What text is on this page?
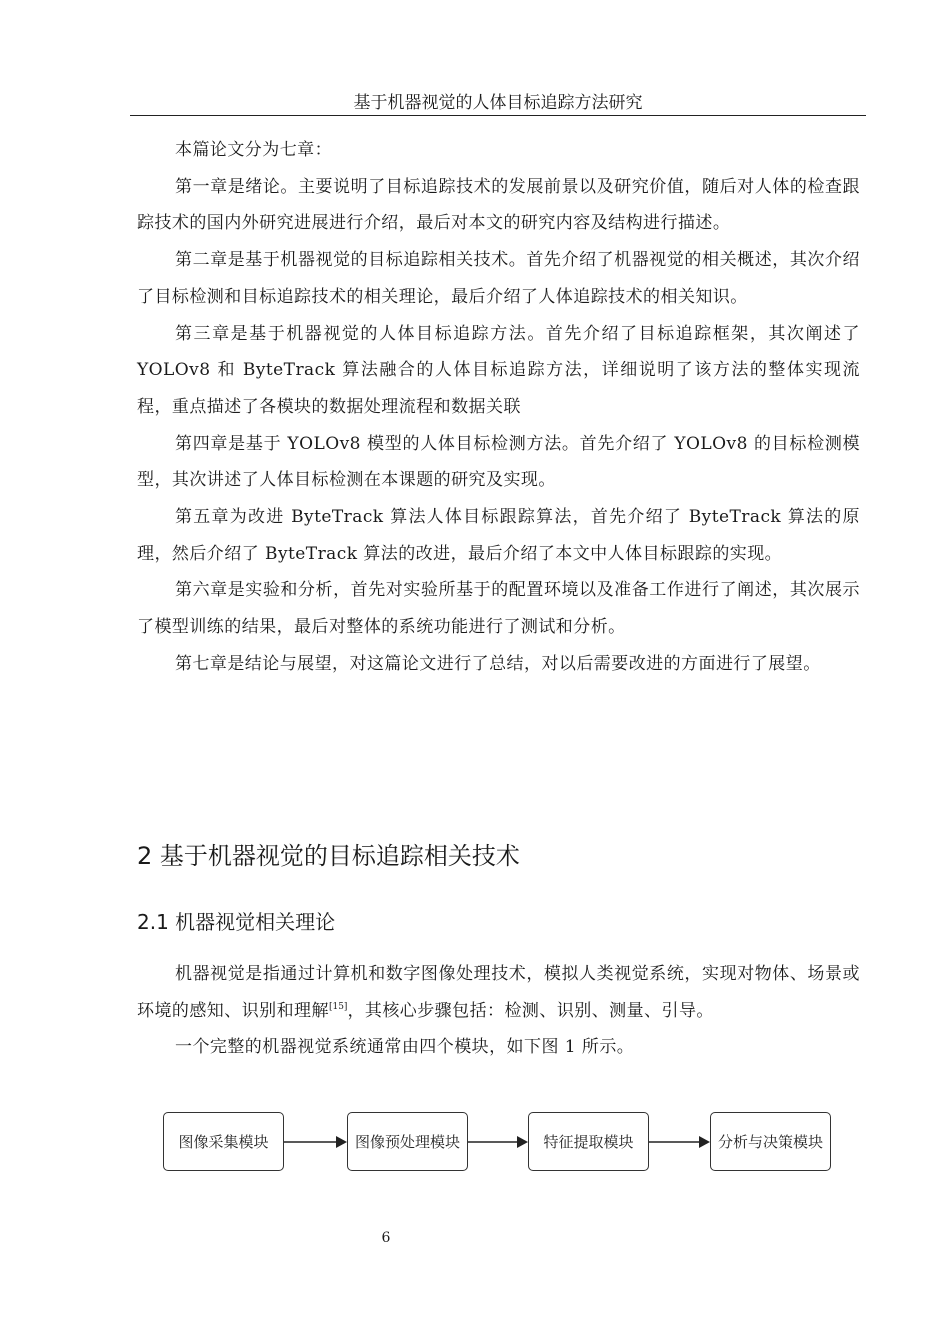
基于机器视觉的人体目标追踪方法研究

本篇论文分为七章：

第一章是绪论。主要说明了目标追踪技术的发展前景以及研究价值，随后对人体的检查跟踪技术的国内外研究进展进行介绍，最后对本文的研究内容及结构进行描述。

第二章是基于机器视觉的目标追踪相关技术。首先介绍了机器视觉的相关概述，其次介绍了目标检测和目标追踪技术的相关理论，最后介绍了人体追踪技术的相关知识。

第三章是基于机器视觉的人体目标追踪方法。首先介绍了目标追踪框架，其次阐述了 YOLOv8 和 ByteTrack 算法融合的人体目标追踪方法，详细说明了该方法的整体实现流程，重点描述了各模块的数据处理流程和数据关联

第四章是基于 YOLOv8 模型的人体目标检测方法。首先介绍了 YOLOv8 的目标检测模型，其次讲述了人体目标检测在本课题的研究及实现。

第五章为改进 ByteTrack 算法人体目标跟踪算法，首先介绍了 ByteTrack 算法的原理，然后介绍了 ByteTrack 算法的改进，最后介绍了本文中人体目标跟踪的实现。

第六章是实验和分析，首先对实验所基于的配置环境以及准备工作进行了阐述，其次展示了模型训练的结果，最后对整体的系统功能进行了测试和分析。

第七章是结论与展望，对这篇论文进行了总结，对以后需要改进的方面进行了展望。

2 基于机器视觉的目标追踪相关技术
2.1 机器视觉相关理论

机器视觉是指通过计算机和数字图像处理技术，模拟人类视觉系统，实现对物体、场景或环境的感知、识别和理解[15]，其核心步骤包括：检测、识别、测量、引导。

一个完整的机器视觉系统通常由四个模块，如下图 1 所示。

图像采集模块	图像预处理模块	特征提取模块	分析与决策模块

6
